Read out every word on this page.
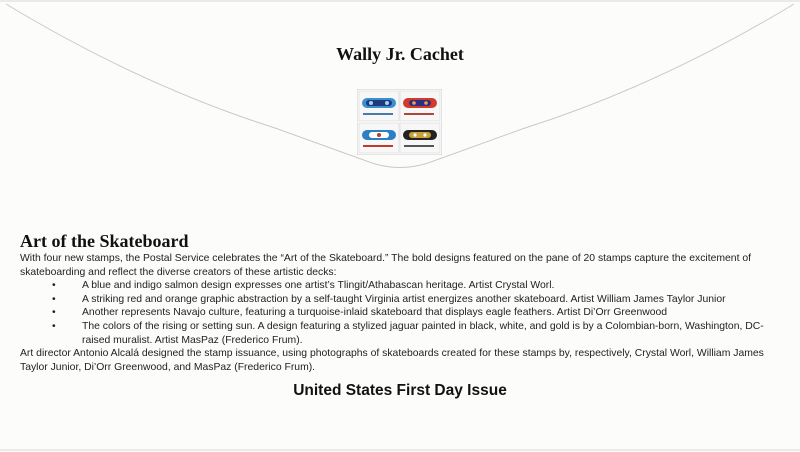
Wally Jr. Cachet
Art of the Skateboard

With four new stamps, the Postal Service celebrates the “Art of the Skateboard.” The bold designs featured on the pane of 20 stamps capture the excitement of skateboarding and reflect the diverse creators of these artistic decks:

•	A blue and indigo salmon design expresses one artist’s Tlingit/Athabascan heritage. Artist Crystal Worl.
•	A striking red and orange graphic abstraction by a self-taught Virginia artist energizes another skateboard. Artist William James Taylor Junior
•	Another represents Navajo culture, featuring a turquoise-inlaid skateboard that displays eagle feathers. Artist Di’Orr Greenwood
•	The colors of the rising or setting sun. A design featuring a stylized jaguar painted in black, white, and gold is by a Colombian-born, Washington, DC-raised muralist. Artist MasPaz (Frederico Frum).

Art director Antonio Alcalá designed the stamp issuance, using photographs of skateboards created for these stamps by, respectively, Crystal Worl, William James Taylor Junior, Di’Orr Greenwood, and MasPaz (Frederico Frum).

United States First Day Issue
